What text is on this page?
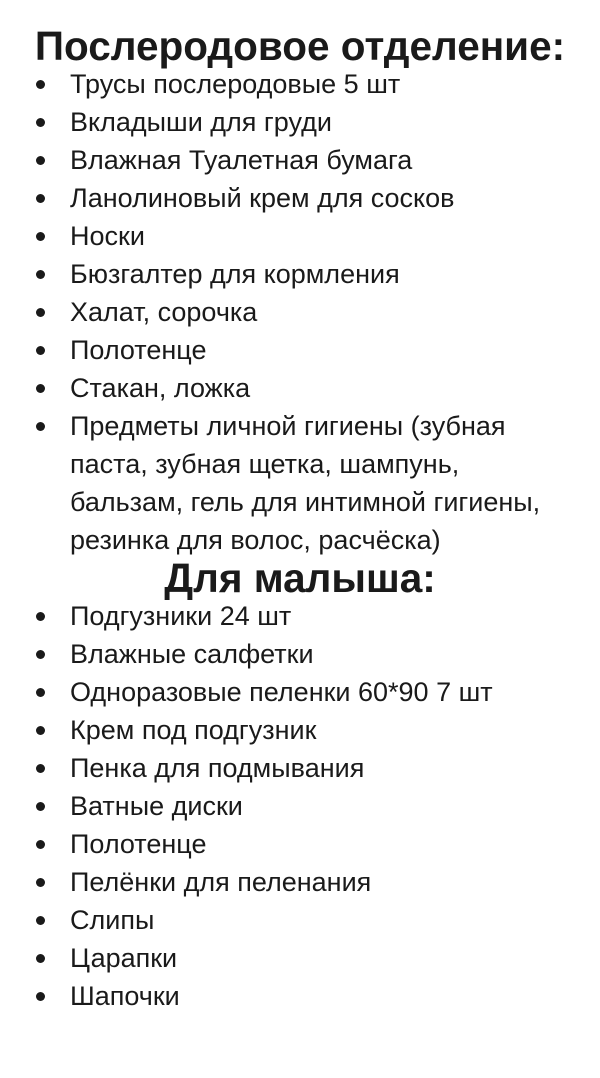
Послеродовое отделение:
Трусы послеродовые 5 шт
Вкладыши для груди
Влажная Туалетная бумага
Ланолиновый крем для сосков
Носки
Бюзгалтер для кормления
Халат, сорочка
Полотенце
Стакан, ложка
Предметы личной гигиены (зубная паста, зубная щетка, шампунь, бальзам, гель для интимной гигиены, резинка для волос, расчёска)
Для малыша:
Подгузники 24 шт
Влажные салфетки
Одноразовые пеленки 60*90 7 шт
Крем под подгузник
Пенка для подмывания
Ватные диски
Полотенце
Пелёнки для пеленания
Слипы
Царапки
Шапочки
